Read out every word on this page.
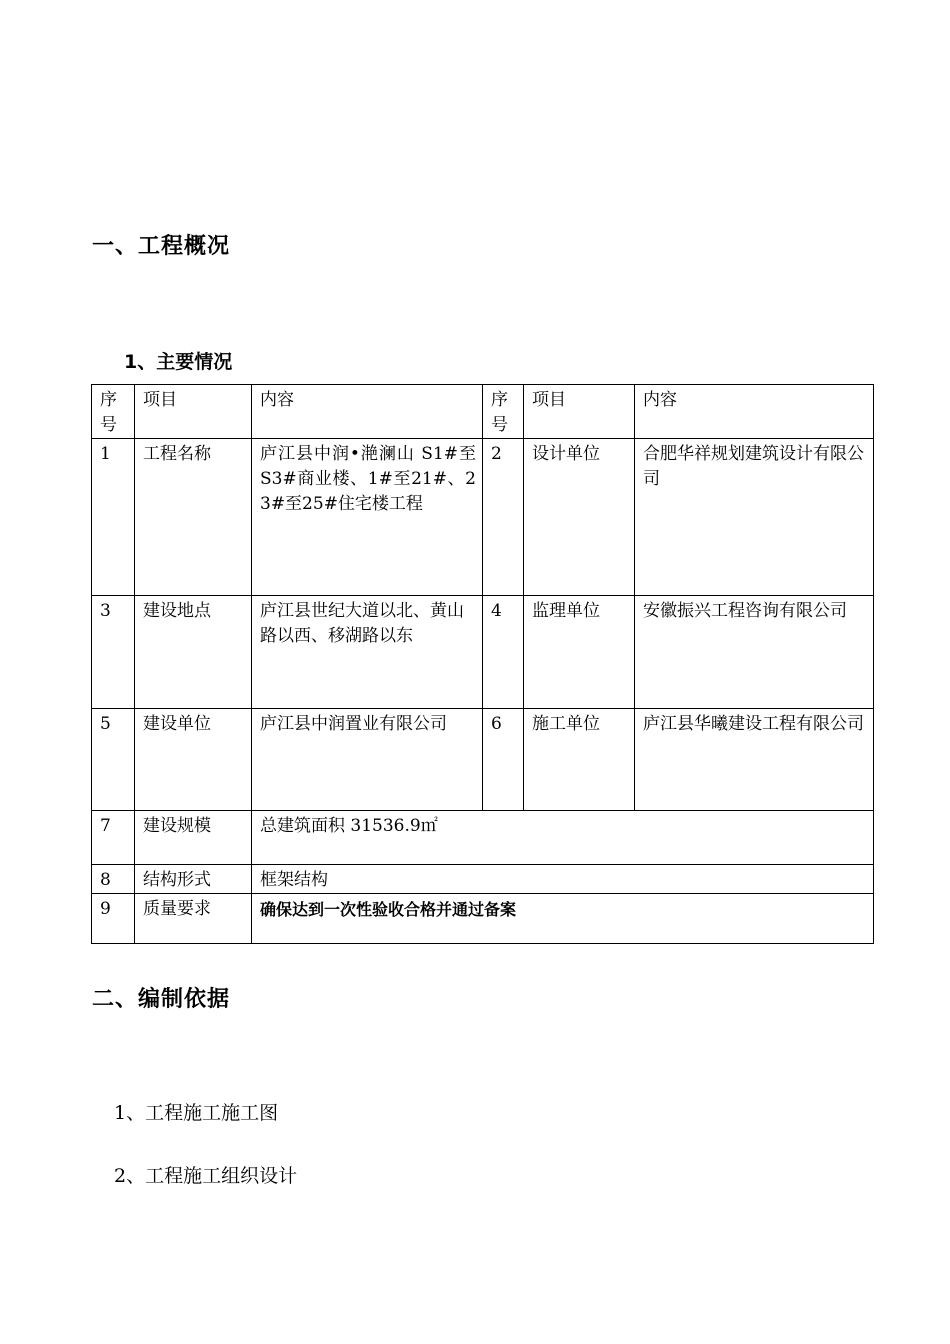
一、工程概况
1、主要情况
序号	项目	内容	序号	项目	内容
1	工程名称	庐江县中润•滟澜山 S1#至 S3#商业楼、1#至21#、23#至25#住宅楼工程	2	设计单位	合肥华祥规划建筑设计有限公司
3	建设地点	庐江县世纪大道以北、黄山路以西、移湖路以东	4	监理单位	安徽振兴工程咨询有限公司
5	建设单位	庐江县中润置业有限公司	6	施工单位	庐江县华曦建设工程有限公司
7	建设规模	总建筑面积 31536.9㎡			
8	结构形式	框架结构			
9	质量要求	确保达到一次性验收合格并通过备案			
二、编制依据

1、工程施工施工图

2、工程施工组织设计
